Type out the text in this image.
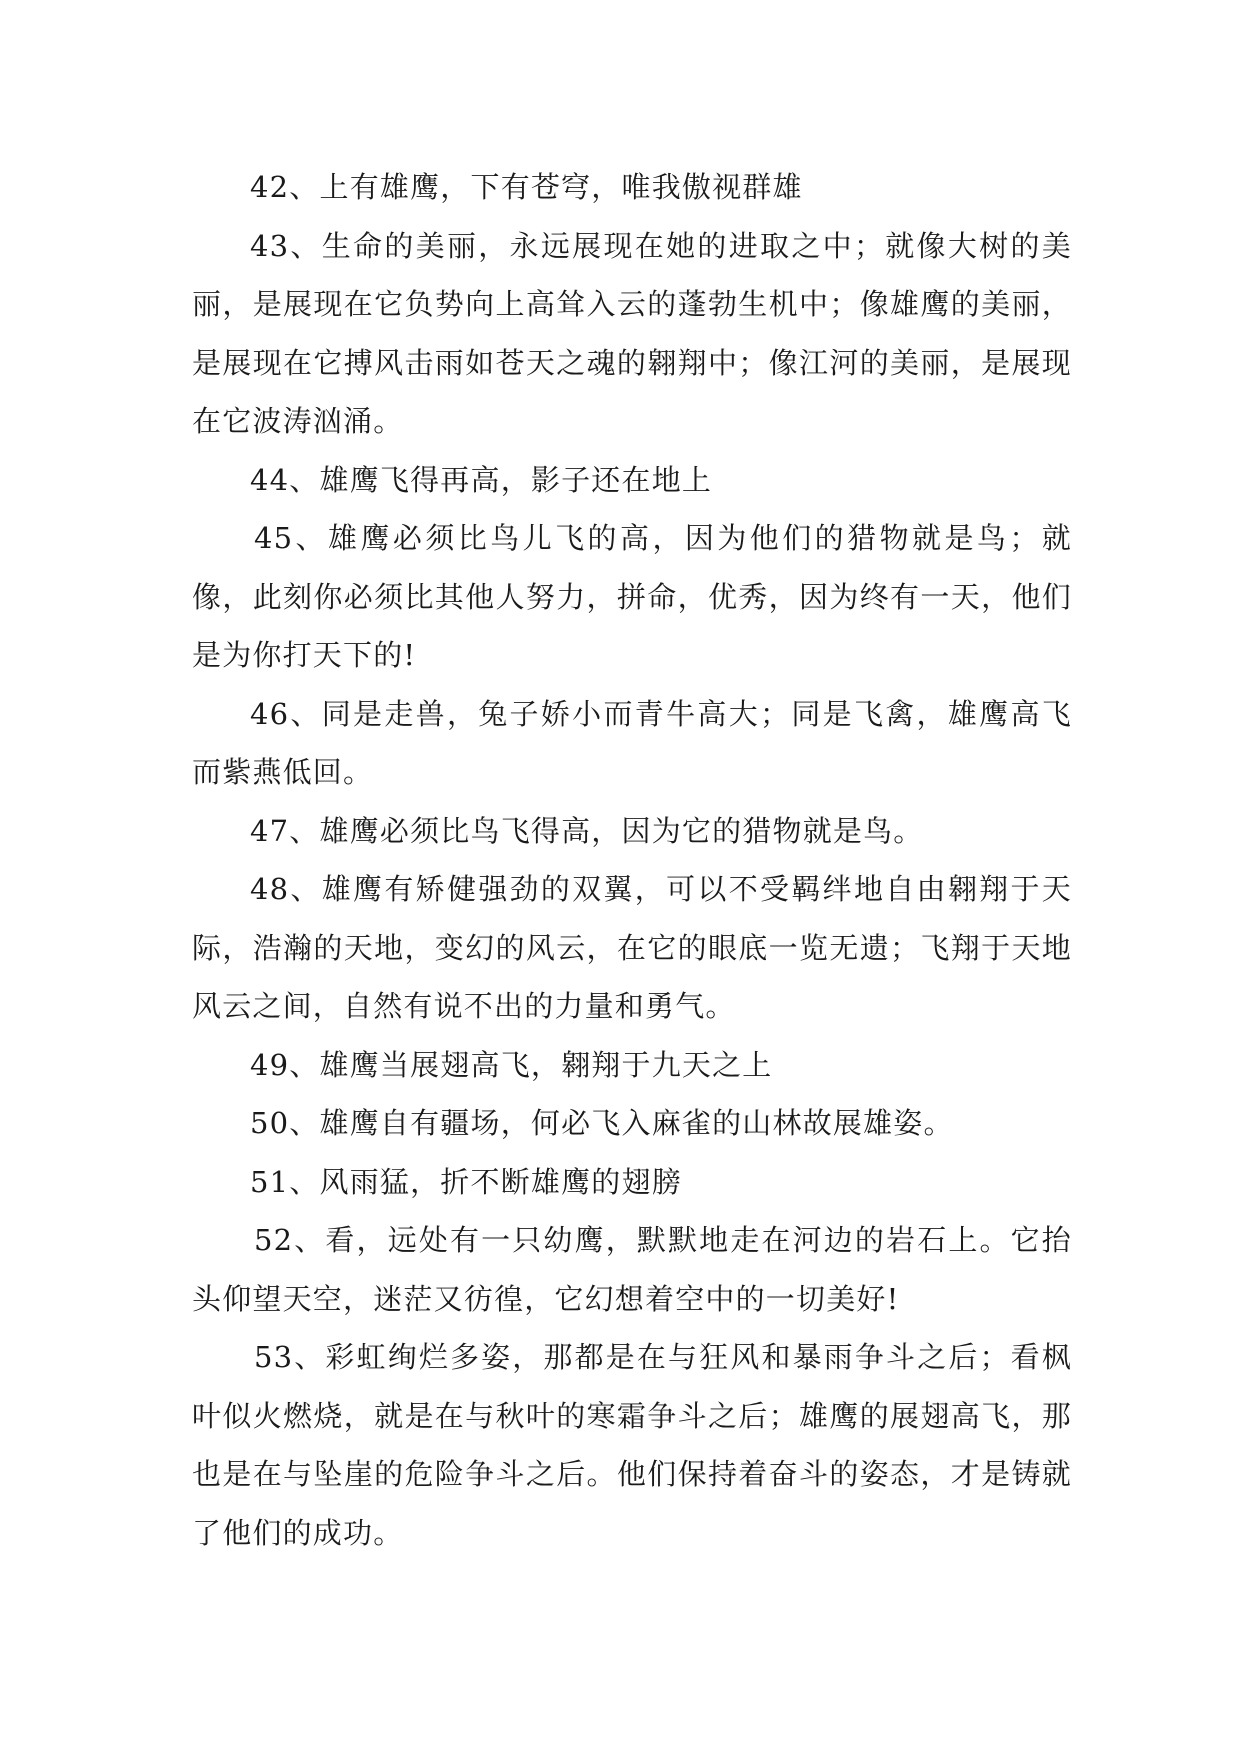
42、上有雄鹰，下有苍穹，唯我傲视群雄

43、生命的美丽，永远展现在她的进取之中；就像大树的美丽，是展现在它负势向上高耸入云的蓬勃生机中；像雄鹰的美丽，是展现在它搏风击雨如苍天之魂的翱翔中；像江河的美丽，是展现在它波涛汹涌。

44、雄鹰飞得再高，影子还在地上

45、雄鹰必须比鸟儿飞的高，因为他们的猎物就是鸟；就像，此刻你必须比其他人努力，拼命，优秀，因为终有一天，他们是为你打天下的!

46、同是走兽，兔子娇小而青牛高大；同是飞禽，雄鹰高飞而紫燕低回。

47、雄鹰必须比鸟飞得高，因为它的猎物就是鸟。

48、雄鹰有矫健强劲的双翼，可以不受羁绊地自由翱翔于天际，浩瀚的天地，变幻的风云，在它的眼底一览无遗；飞翔于天地风云之间，自然有说不出的力量和勇气。

49、雄鹰当展翅高飞，翱翔于九天之上

50、雄鹰自有疆场，何必飞入麻雀的山林故展雄姿。

51、风雨猛，折不断雄鹰的翅膀

52、看，远处有一只幼鹰，默默地走在河边的岩石上。它抬头仰望天空，迷茫又彷徨，它幻想着空中的一切美好!

53、彩虹绚烂多姿，那都是在与狂风和暴雨争斗之后；看枫叶似火燃烧，就是在与秋叶的寒霜争斗之后；雄鹰的展翅高飞，那也是在与坠崖的危险争斗之后。他们保持着奋斗的姿态，才是铸就了他们的成功。
